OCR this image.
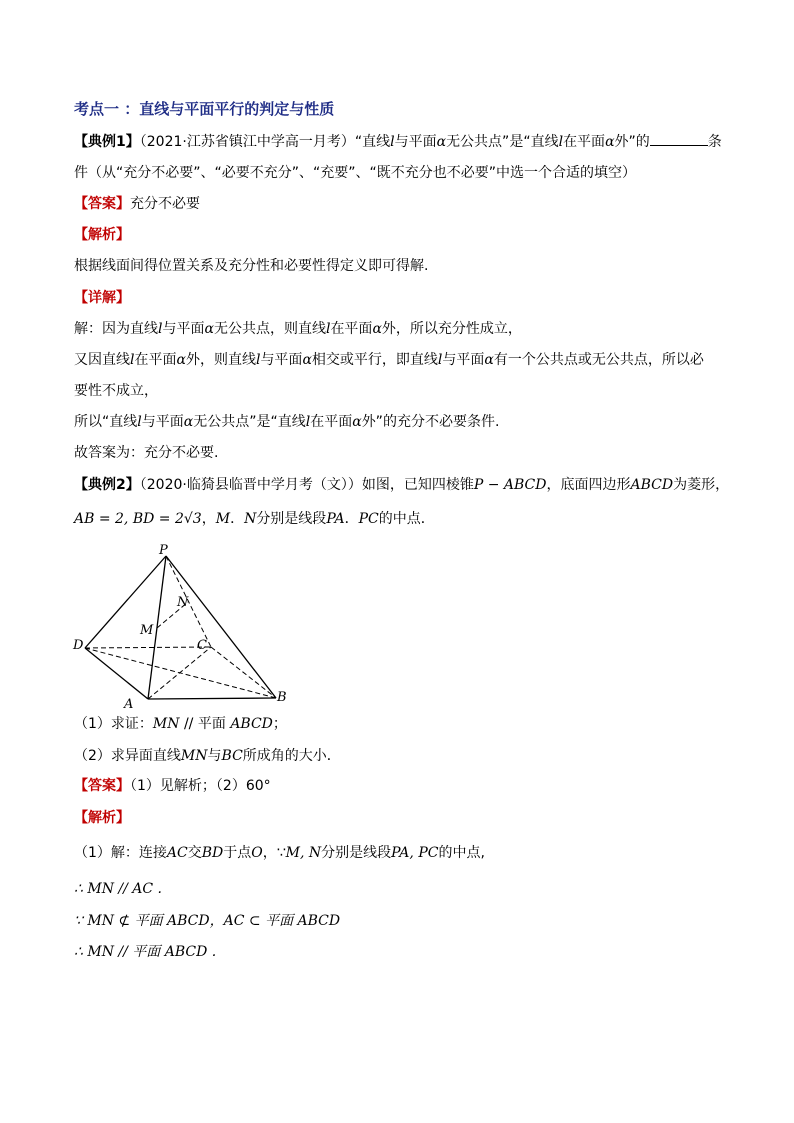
考点一 ：直线与平面平行的判定与性质
【典例1】（2021·江苏省镇江中学高一月考）“直线l与平面α无公共点”是“直线l在平面α外”的	条
件（从“充分不必要”、“必要不充分”、“充要”、“既不充分也不必要”中选一个合适的填空）
【答案】充分不必要
【解析】
根据线面间得位置关系及充分性和必要性得定义即可得解.
【详解】
解：因为直线l与平面α无公共点，则直线l在平面α外，所以充分性成立，
又因直线l在平面α外，则直线l与平面α相交或平行，即直线l与平面α有一个公共点或无公共点，所以必
要性不成立，
所以“直线l与平面α无公共点”是“直线l在平面α外”的充分不必要条件.
故答案为：充分不必要.
【典例2】（2020·临猗县临晋中学月考（文））如图，已知四棱锥P − ABCD，底面四边形ABCD为菱形，
AB = 2, BD = 2√3，M．N分别是线段PA．PC的中点．
P
N
M
D	C
A	B
（1）求证：MN // 平面 ABCD；
（2）求异面直线MN与BC所成角的大小．
【答案】（1）见解析；（2）60°
【解析】
（1）解：连接AC交BD于点O，∵M, N分别是线段PA, PC的中点,
∴ MN // AC .
∵ MN ⊄ 平面 ABCD，AC ⊂ 平面 ABCD
∴ MN // 平面 ABCD .
